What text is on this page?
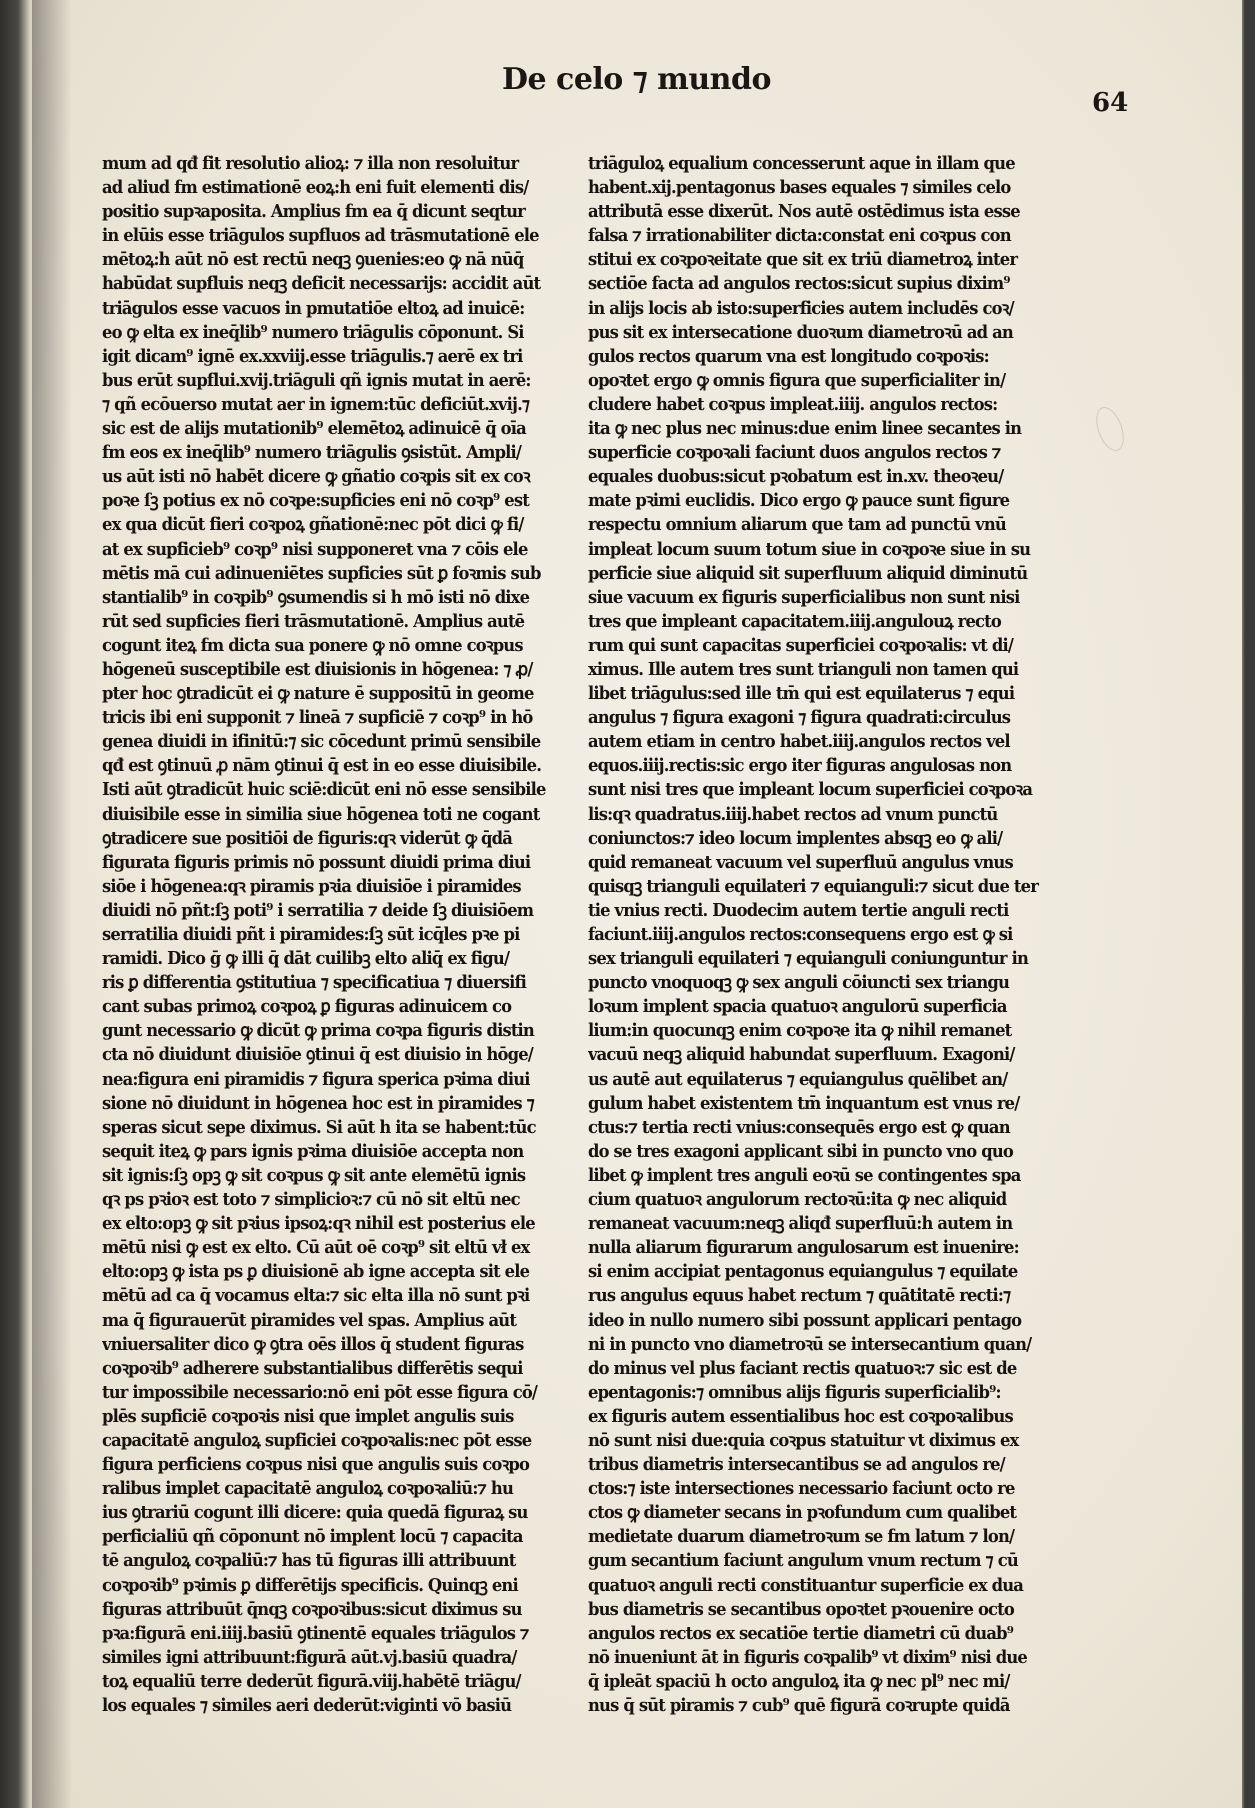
De celo ⁊ mundo
64
mum ad qđ fit resolutio alioꝝ: ⁊ illa non resoluitur
ad aliud fm estimationē eoꝝ:h eni fuit elementi dis/
positio supꝛaposita. Amplius fm ea q̄ dicunt seqtur
in elūis esse triāgulos supfluos ad trāsmutationē ele
mētoꝝ:h aūt nō est rectū neqꝫ ꝯuenies:eo ꝙ nā nūq̄
habūdat supfluis neqꝫ deficit necessarijs: accidit aūt
triāgulos esse vacuos in pmutatiōe eltoꝝ ad inuicē:
eo ꝙ elta ex ineq̄lib⁹ numero triāgulis cōponunt. Si
igit dicam⁹ ignē ex.xxviij.esse triāgulis.⁊ aerē ex tri
bus erūt supflui.xvij.triāguli qñ ignis mutat in aerē:
⁊ qñ ecōuerso mutat aer in ignem:tūc deficiūt.xvij.⁊
sic est de alijs mutationib⁹ elemētoꝝ adinuicē q̄ oīa
fm eos ex ineq̄lib⁹ numero triāgulis ꝯsistūt. Ampli/
us aūt isti nō habēt dicere ꝙ gñatio coꝛpis sit ex coꝛ
poꝛe ſꝫ potius ex nō coꝛpe:supficies eni nō coꝛp⁹ est
ex qua dicūt fieri coꝛpoꝝ gñationē:nec pōt dici ꝙ fi/
at ex supficieb⁹ coꝛp⁹ nisi supponeret vna ⁊ cōis ele
mētis mā cui adinueniētes supficies sūt ꝑ foꝛmis sub
stantialib⁹ in coꝛpib⁹ ꝯsumendis si h mō isti nō dixe
rūt sed supficies fieri trāsmutationē. Amplius autē
cogunt iteꝝ fm dicta sua ponere ꝙ nō omne coꝛpus
hōgeneū susceptibile est diuisionis in hōgenea: ⁊ ꝓ/
pter hoc ꝯtradicūt ei ꝙ nature ē suppositū in geome
tricis ibi eni supponit ⁊ lineā ⁊ supficiē ⁊ coꝛp⁹ in hō
genea diuidi in ifinitū:⁊ sic cōcedunt primū sensibile
qđ est ꝯtinuū ꝓ nām ꝯtinui q̄ est in eo esse diuisibile.
Isti aūt ꝯtradicūt huic sciē:dicūt eni nō esse sensibile
diuisibile esse in similia siue hōgenea toti ne cogant
ꝯtradicere sue positiōi de figuris:qꝛ viderūt ꝙ q̄dā
figurata figuris primis nō possunt diuidi prima diui
siōe i hōgenea:qꝛ piramis pꝛia diuisiōe i piramides
diuidi nō pñt:ſꝫ poti⁹ i serratilia ⁊ deide ſꝫ diuisiōem
serratilia diuidi pñt i piramides:ſꝫ sūt icq̄les pꝛe pi
ramidi. Dico ḡ ꝙ illi q̄ dāt cuilibꝫ elto aliq̄ ex figu/
ris ꝑ differentia ꝯstitutiua ⁊ specificatiua ⁊ diuersifi
cant subas primoꝝ coꝛpoꝝ ꝑ figuras adinuicem co
gunt necessario ꝙ dicūt ꝙ prima coꝛpa figuris distin
cta nō diuidunt diuisiōe ꝯtinui q̄ est diuisio in hōge/
nea:figura eni piramidis ⁊ figura sperica pꝛima diui
sione nō diuidunt in hōgenea hoc est in piramides ⁊
speras sicut sepe diximus. Si aūt h ita se habent:tūc
sequit iteꝝ ꝙ pars ignis pꝛima diuisiōe accepta non
sit ignis:ſꝫ opꝫ ꝙ sit coꝛpus ꝙ sit ante elemētū ignis
qꝛ ps pꝛioꝛ est toto ⁊ simplicioꝛ:⁊ cū nō sit eltū nec
ex elto:opꝫ ꝙ sit pꝛius ipsoꝝ:qꝛ nihil est posterius ele
mētū nisi ꝙ est ex elto. Cū aūt oē coꝛp⁹ sit eltū vł ex
elto:opꝫ ꝙ ista ps ꝑ diuisionē ab igne accepta sit ele
mētū ad ca q̄ vocamus elta:⁊ sic elta illa nō sunt pꝛi
ma q̄ figurauerūt piramides vel spas. Amplius aūt
vniuersaliter dico ꝙ ꝯtra oēs illos q̄ student figuras
coꝛpoꝛib⁹ adherere substantialibus differētis sequi
tur impossibile necessario:nō eni pōt esse figura cō/
plēs supficiē coꝛpoꝛis nisi que implet angulis suis
capacitatē anguloꝝ supficiei coꝛpoꝛalis:nec pōt esse
figura perficiens coꝛpus nisi que angulis suis coꝛpo
ralibus implet capacitatē anguloꝝ coꝛpoꝛaliū:⁊ hu
ius ꝯtrariū cogunt illi dicere: quia quedā figuraꝝ su
perficialiū qñ cōponunt nō implent locū ⁊ capacita
tē anguloꝝ coꝛpaliū:⁊ has tū figuras illi attribuunt
coꝛpoꝛib⁹ pꝛimis ꝑ differētijs specificis. Quinqꝫ eni
figuras attribuūt q̄nqꝫ coꝛpoꝛibus:sicut diximus su
pꝛa:figurā eni.iiij.basiū ꝯtinentē equales triāgulos ⁊
similes igni attribuunt:figurā aūt.vj.basiū quadra/
toꝝ equaliū terre dederūt figurā.viij.habētē triāgu/
los equales ⁊ similes aeri dederūt:viginti vō basiū
triāguloꝝ equalium concesserunt aque in illam que
habent.xij.pentagonus bases equales ⁊ similes celo
attributā esse dixerūt. Nos autē ostēdimus ista esse
falsa ⁊ irrationabiliter dicta:constat eni coꝛpus con
stitui ex coꝛpoꝛeitate que sit ex triū diametroꝝ inter
sectiōe facta ad angulos rectos:sicut supius dixim⁹
in alijs locis ab isto:superficies autem includēs coꝛ/
pus sit ex intersecatione duoꝛum diametroꝛū ad an
gulos rectos quarum vna est longitudo coꝛpoꝛis:
opoꝛtet ergo ꝙ omnis figura que superficialiter in/
cludere habet coꝛpus impleat.iiij. angulos rectos:
ita ꝙ nec plus nec minus:due enim linee secantes in
superficie coꝛpoꝛali faciunt duos angulos rectos ⁊
equales duobus:sicut pꝛobatum est in.xv. theoꝛeu/
mate pꝛimi euclidis. Dico ergo ꝙ pauce sunt figure
respectu omnium aliarum que tam ad punctū vnū
impleat locum suum totum siue in coꝛpoꝛe siue in su
perficie siue aliquid sit superfluum aliquid diminutū
siue vacuum ex figuris superficialibus non sunt nisi
tres que impleant capacitatem.iiij.angulouꝝ recto
rum qui sunt capacitas superficiei coꝛpoꝛalis: vt di/
ximus. Ille autem tres sunt trianguli non tamen qui
libet triāgulus:sed ille tm̄ qui est equilaterus ⁊ equi
angulus ⁊ figura exagoni ⁊ figura quadrati:circulus
autem etiam in centro habet.iiij.angulos rectos vel
equos.iiij.rectis:sic ergo iter figuras angulosas non
sunt nisi tres que impleant locum superficiei coꝛpoꝛa
lis:qꝛ quadratus.iiij.habet rectos ad vnum punctū
coniunctos:⁊ ideo locum implentes absqꝫ eo ꝙ ali/
quid remaneat vacuum vel superfluū angulus vnus
quisqꝫ trianguli equilateri ⁊ equianguli:⁊ sicut due ter
tie vnius recti. Duodecim autem tertie anguli recti
faciunt.iiij.angulos rectos:consequens ergo est ꝙ si
sex trianguli equilateri ⁊ equianguli coniunguntur in
puncto vnoquoqꝫ ꝙ sex anguli cōiuncti sex triangu
loꝛum implent spacia quatuoꝛ angulorū superficia
lium:in quocunqꝫ enim coꝛpoꝛe ita ꝙ nihil remanet
vacuū neqꝫ aliquid habundat superfluum. Exagoni/
us autē aut equilaterus ⁊ equiangulus quēlibet an/
gulum habet existentem tm̄ inquantum est vnus re/
ctus:⁊ tertia recti vnius:consequēs ergo est ꝙ quan
do se tres exagoni applicant sibi in puncto vno quo
libet ꝙ implent tres anguli eoꝛū se contingentes spa
cium quatuoꝛ angulorum rectoꝛū:ita ꝙ nec aliquid
remaneat vacuum:neqꝫ aliqđ superfluū:h autem in
nulla aliarum figurarum angulosarum est inuenire:
si enim accipiat pentagonus equiangulus ⁊ equilate
rus angulus equus habet rectum ⁊ quātitatē recti:⁊
ideo in nullo numero sibi possunt applicari pentago
ni in puncto vno diametroꝛū se intersecantium quan/
do minus vel plus faciant rectis quatuoꝛ:⁊ sic est de
epentagonis:⁊ omnibus alijs figuris superficialib⁹:
ex figuris autem essentialibus hoc est coꝛpoꝛalibus
nō sunt nisi due:quia coꝛpus statuitur vt diximus ex
tribus diametris intersecantibus se ad angulos re/
ctos:⁊ iste intersectiones necessario faciunt octo re
ctos ꝙ diameter secans in pꝛofundum cum qualibet
medietate duarum diametroꝛum se fm latum ⁊ lon/
gum secantium faciunt angulum vnum rectum ⁊ cū
quatuoꝛ anguli recti constituantur superficie ex dua
bus diametris se secantibus opoꝛtet pꝛouenire octo
angulos rectos ex secatiōe tertie diametri cū duab⁹
nō inueniunt āt in figuris coꝛpalib⁹ vt dixim⁹ nisi due
q̄ ipleāt spaciū h octo anguloꝝ ita ꝙ nec pl⁹ nec mi/
nus q̄ sūt piramis ⁊ cub⁹ quē figurā coꝛrupte quidā
